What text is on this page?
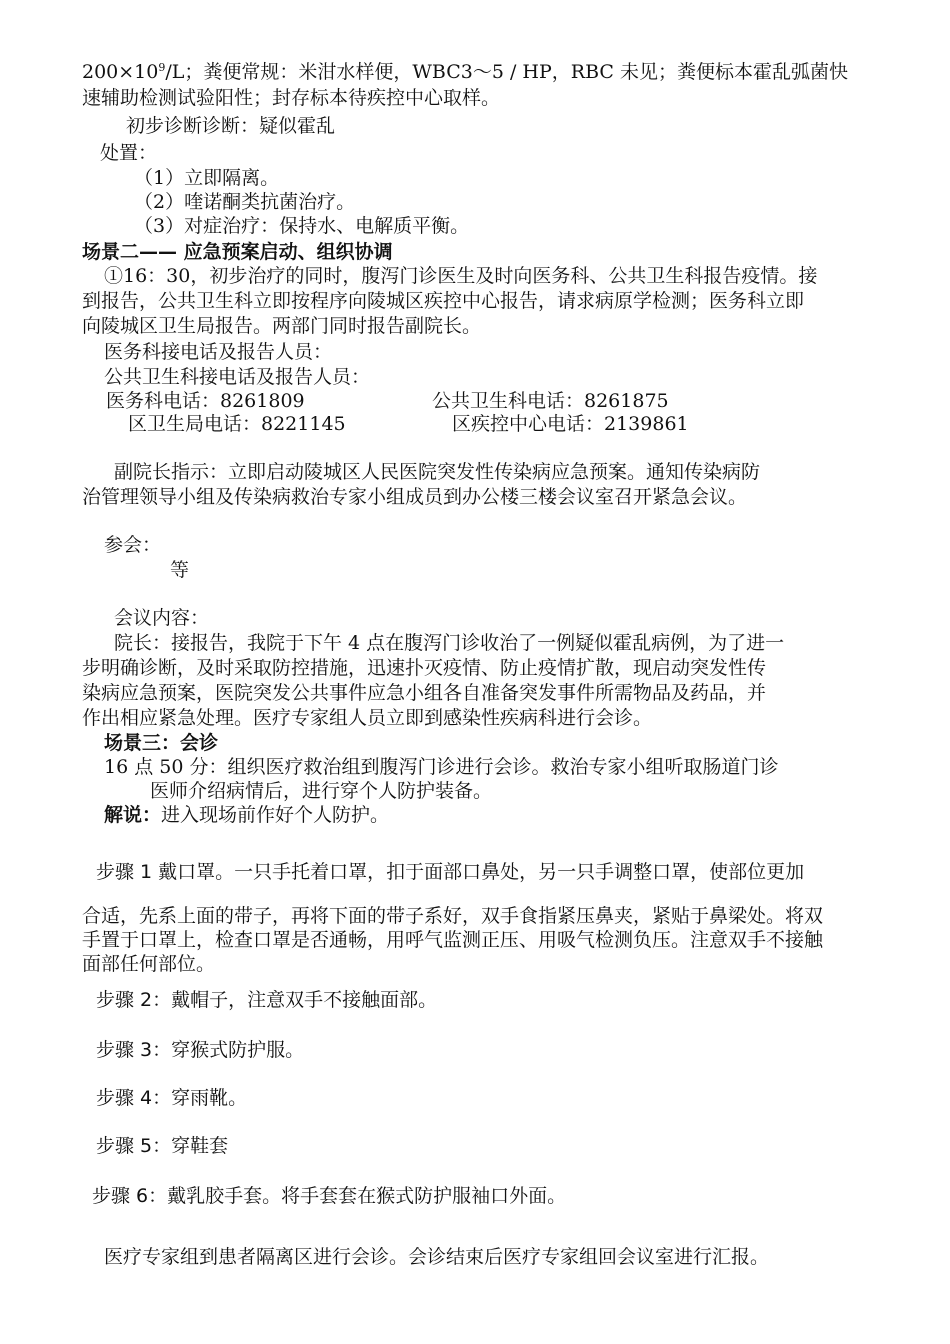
$200\times 10^9/L$；粪便常规：米泔水样便，WBC3～5 / HP，RBC 未见；粪便标本霍乱弧菌快

速辅助检测试验阳性；封存标本待疾控中心取样。

初步诊断诊断：疑似霍乱

处置：

（1）立即隔离。

（2）喹诺酮类抗菌治疗。

（3）对症治疗：保持水、电解质平衡。

场景二—— 应急预案启动、组织协调

①16：30，初步治疗的同时，腹泻门诊医生及时向医务科、公共卫生科报告疫情。接

到报告，公共卫生科立即按程序向陵城区疾控中心报告，请求病原学检测；医务科立即

向陵城区卫生局报告。两部门同时报告副院长。

医务科接电话及报告人员：

公共卫生科接电话及报告人员：

医务科电话：8261809	公共卫生科电话：8261875

区卫生局电话：8221145	区疾控中心电话：2139861

副院长指示：立即启动陵城区人民医院突发性传染病应急预案。通知传染病防

治管理领导小组及传染病救治专家小组成员到办公楼三楼会议室召开紧急会议。

参会：

等

会议内容：

院长：接报告，我院于下午 4 点在腹泻门诊收治了一例疑似霍乱病例，为了进一

步明确诊断，及时采取防控措施，迅速扑灭疫情、防止疫情扩散，现启动突发性传

染病应急预案，医院突发公共事件应急小组各自准备突发事件所需物品及药品，并

作出相应紧急处理。医疗专家组人员立即到感染性疾病科进行会诊。

场景三：会诊

16 点 50 分：组织医疗救治组到腹泻门诊进行会诊。救治专家小组听取肠道门诊

医师介绍病情后，进行穿个人防护装备。

解说：进入现场前作好个人防护。

步骤 1 戴口罩。一只手托着口罩，扣于面部口鼻处，另一只手调整口罩，使部位更加

合适，先系上面的带子，再将下面的带子系好，双手食指紧压鼻夹，紧贴于鼻梁处。将双

手置于口罩上，检查口罩是否通畅，用呼气监测正压、用吸气检测负压。注意双手不接触

面部任何部位。

步骤 2：戴帽子，注意双手不接触面部。

步骤 3：穿猴式防护服。

步骤 4：穿雨靴。

步骤 5：穿鞋套

步骤 6：戴乳胶手套。将手套套在猴式防护服袖口外面。

医疗专家组到患者隔离区进行会诊。会诊结束后医疗专家组回会议室进行汇报。
